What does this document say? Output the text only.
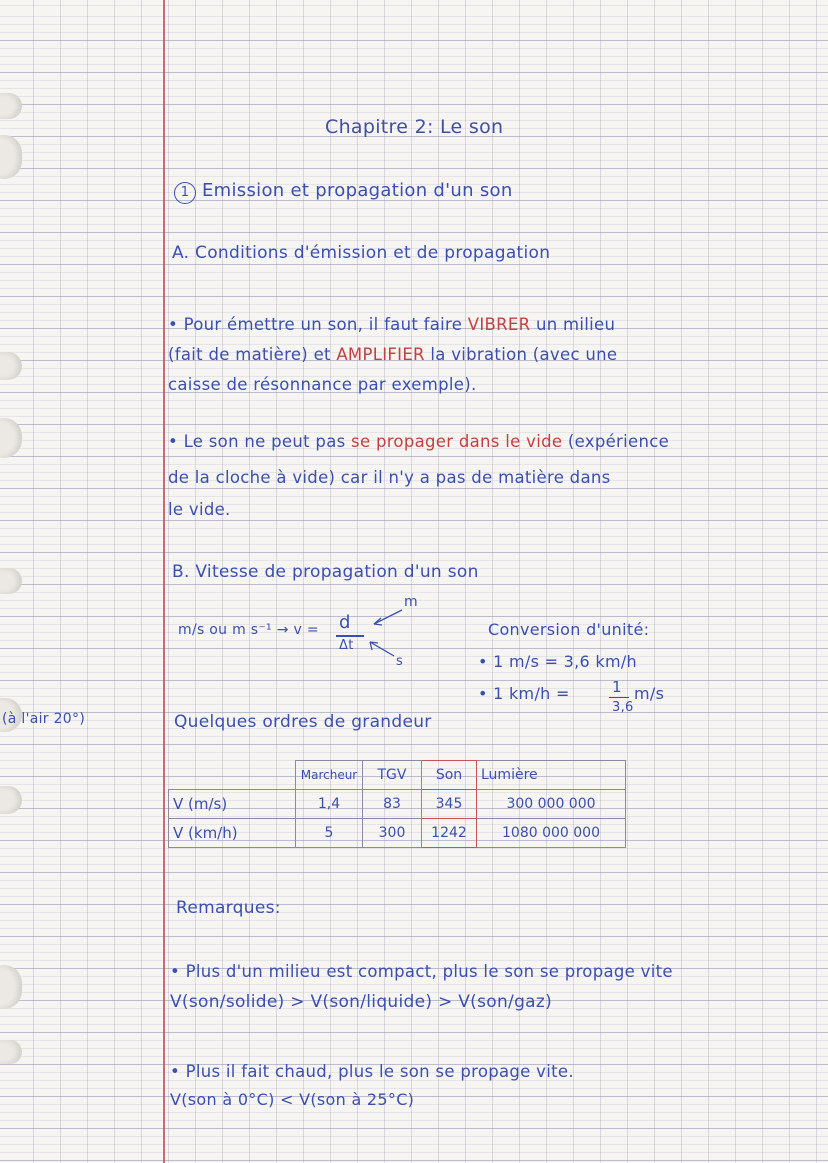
Chapitre 2: Le son
1 Emission et propagation d'un son
A. Conditions d'émission et de propagation
• Pour émettre un son, il faut faire VIBRER un milieu
(fait de matière) et AMPLIFIER la vibration (avec une
caisse de résonnance par exemple).
• Le son ne peut pas se propager dans le vide (expérience
de la cloche à vide) car il n'y a pas de matière dans
le vide.
B. Vitesse de propagation d'un son
m/s ou m s⁻¹ → v = d
Δt
m
s
Conversion d'unité:
• 1 m/s = 3,6 km/h
• 1 km/h =	1
3,6
m/s
(à l'air 20°)	Quelques ordres de grandeur
	Marcheur	TGV	Son	Lumière
V (m/s)	1,4	83	345	300 000 000
V (km/h)	5	300	1242	1080 000 000
Remarques:
• Plus d'un milieu est compact, plus le son se propage vite
V(son/solide) > V(son/liquide) > V(son/gaz)
• Plus il fait chaud, plus le son se propage vite.
V(son à 0°C) < V(son à 25°C)
